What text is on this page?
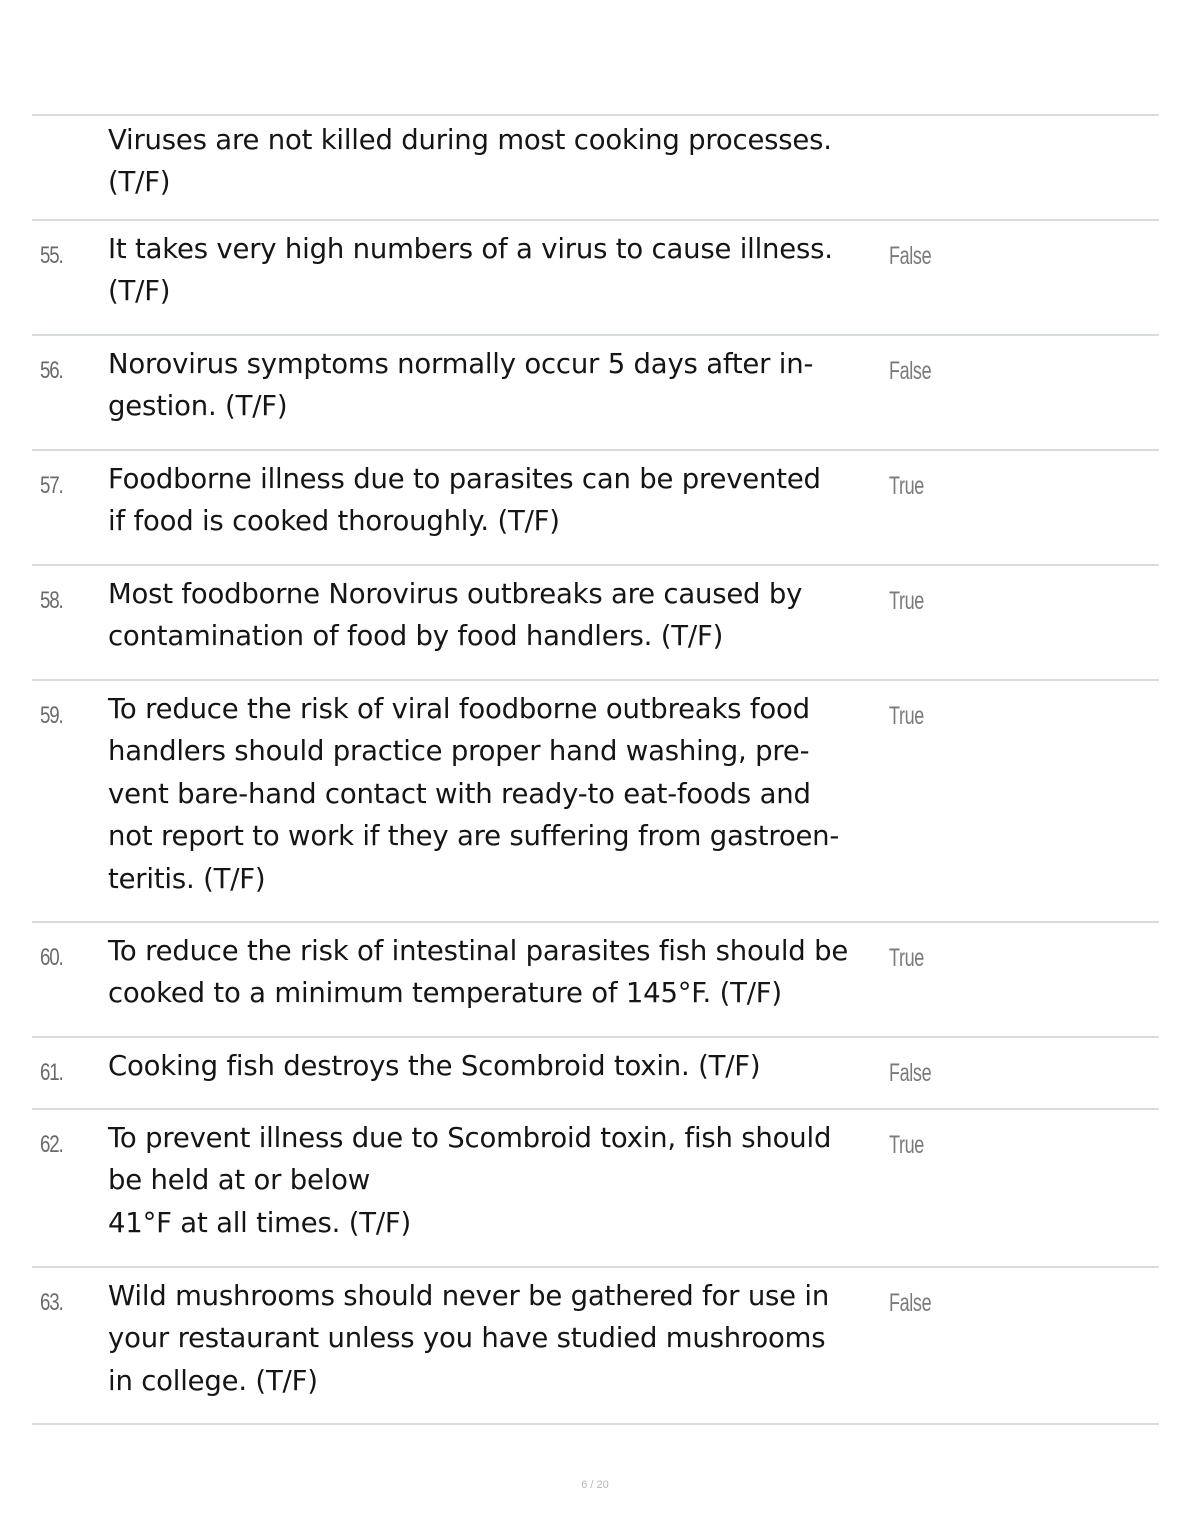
Viruses are not killed during most cooking processes.
(T/F)
55. It takes very high numbers of a virus to cause illness.
(T/F)
False
56. Norovirus symptoms normally occur 5 days after in-
gestion. (T/F)
False
57. Foodborne illness due to parasites can be prevented
if food is cooked thoroughly. (T/F)
True
58. Most foodborne Norovirus outbreaks are caused by
contamination of food by food handlers. (T/F)
True
59. To reduce the risk of viral foodborne outbreaks food
handlers should practice proper hand washing, pre-
vent bare-hand contact with ready-to eat-foods and
not report to work if they are suffering from gastroen-
teritis. (T/F)
True
60. To reduce the risk of intestinal parasites fish should be
cooked to a minimum temperature of 145°F. (T/F)
True
61. Cooking fish destroys the Scombroid toxin. (T/F)	False
62. To prevent illness due to Scombroid toxin, fish should
be held at or below
41°F at all times. (T/F)
True
63. Wild mushrooms should never be gathered for use in
your restaurant unless you have studied mushrooms
in college. (T/F)
False
6 / 20
